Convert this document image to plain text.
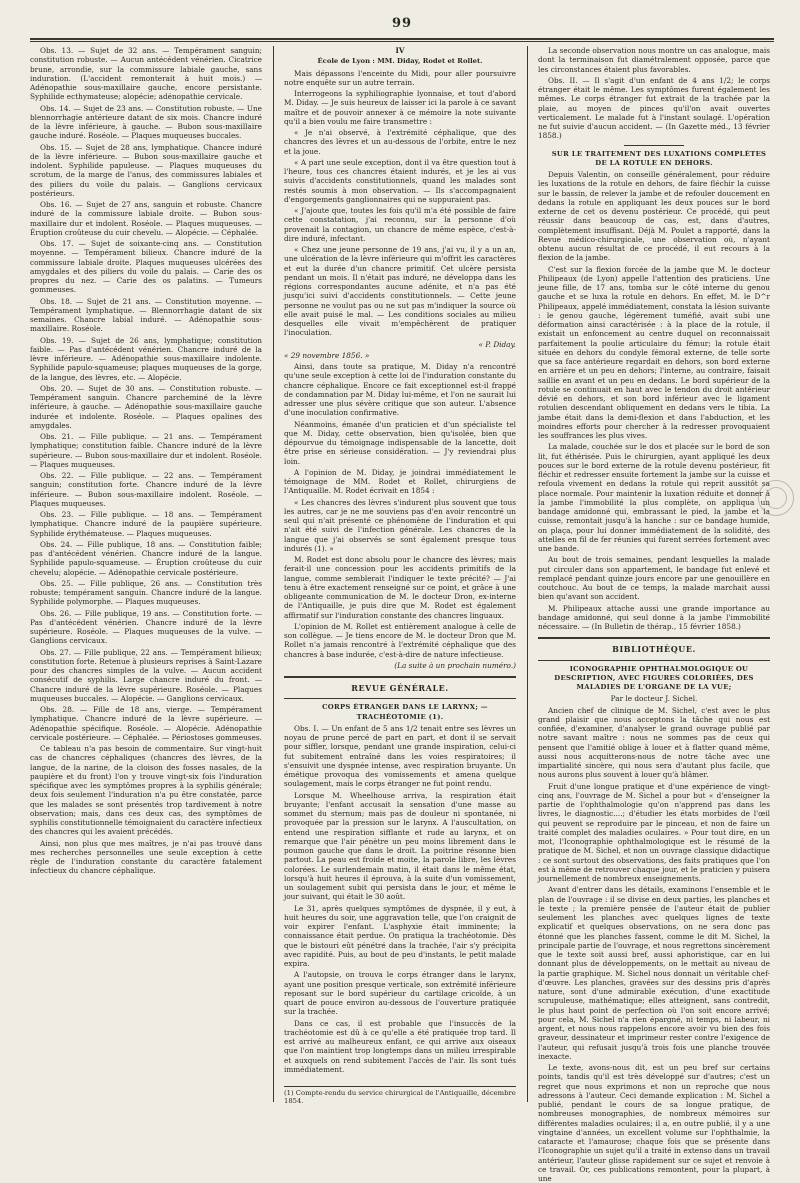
99

Obs. 13. — Sujet de 32 ans. — Tempérament sanguin; constitution robuste. — Aucun antécédent vénérien. Cicatrice brune, arrondie, sur la commissure labiale gauche, sans induration. (L'accident remonterait à huit mois.) — Adénopathie sous-maxillaire gauche, encore persistante. Syphilide ecthymateuse; alopécie; adénopathie cervicale.

Obs. 14. — Sujet de 23 ans. — Constitution robuste. — Une blennorrhagie antérieure datant de six mois. Chancre induré de la lèvre inférieure, à gauche. — Bubon sous-maxillaire gauche induré. Roséole. — Plaques muqueuses buccales.

Obs. 15. — Sujet de 28 ans, lymphatique. Chancre induré de la lèvre inférieure. — Bubon sous-maxillaire gauche et indolent. Syphilide papuleuse. — Plaques muqueuses du scrotum, de la marge de l'anus, des commissures labiales et des piliers du voile du palais. — Ganglions cervicaux postérieurs.

Obs. 16. — Sujet de 27 ans, sanguin et robuste. Chancre induré de la commissure labiale droite. — Bubon sous-maxillaire dur et indolent. Roséole. — Plaques muqueuses. — Éruption croûteuse du cuir chevelu. — Alopécie. — Céphalée.

Obs. 17. — Sujet de soixante-cinq ans. — Constitution moyenne. — Tempérament bilieux. Chancre induré de la commissure labiale droite. Plaques muqueuses ulcérées des amygdales et des piliers du voile du palais. — Carie des os propres du nez. — Carie des os palatins. — Tumeurs gommeuses.

Obs. 18. — Sujet de 21 ans. — Constitution moyenne. — Tempérament lymphatique. — Blennorrhagie datant de six semaines. Chancre labial induré. — Adénopathie sous-maxillaire. Roséole.

Obs. 19. — Sujet de 26 ans, lymphatique; constitution faible. — Pas d'antécédent vénérien. Chancre induré de la lèvre inférieure. — Adénopathie sous-maxillaire indolente. Syphilide papulo-squameuse; plaques muqueuses de la gorge, de la langue, des lèvres, etc. — Alopécie.

Obs. 20. — Sujet de 30 ans. — Constitution robuste. — Tempérament sanguin. Chancre parcheminé de la lèvre inférieure, à gauche. — Adénopathie sous-maxillaire gauche indurée et indolente. Roséole. — Plaques opalines des amygdales.

Obs. 21. — Fille publique. — 21 ans. — Tempérament lymphatique; constitution faible. Chancre induré de la lèvre supérieure. — Bubon sous-maxillaire dur et indolent. Roséole. — Plaques muqueuses.

Obs. 22. — Fille publique. — 22 ans. — Tempérament sanguin; constitution forte. Chancre induré de la lèvre inférieure. — Bubon sous-maxillaire indolent. Roséole. — Plaques muqueuses.

Obs. 23. — Fille publique. — 18 ans. — Tempérament lymphatique. Chancre induré de la paupière supérieure. Syphilide érythémateuse. — Plaques muqueuses.

Obs. 24. — Fille publique, 18 ans. — Constitution faible; pas d'antécédent vénérien. Chancre induré de la langue. Syphilide papulo-squameuse. — Éruption croûteuse du cuir chevelu; alopécie. — Adénopathie cervicale postérieure.

Obs. 25. — Fille publique, 26 ans. — Constitution très robuste; tempérament sanguin. Chancre induré de la langue. Syphilide polymorphe. — Plaques muqueuses.

Obs. 26. — Fille publique, 19 ans. — Constitution forte. — Pas d'antécédent vénérien. Chancre induré de la lèvre supérieure. Roséole. — Plaques muqueuses de la vulve. — Ganglions cervicaux.

Obs. 27. — Fille publique, 22 ans. — Tempérament bilieux; constitution forte. Retenue à plusieurs reprises à Saint-Lazare pour des chancres simples de la vulve. — Aucun accident consécutif de syphilis. Large chancre induré du front. — Chancre induré de la lèvre supérieure. Roséole. — Plaques muqueuses buccales. — Alopécie. — Ganglions cervicaux.

Obs. 28. — Fille de 18 ans, vierge. — Tempérament lymphatique. Chancre induré de la lèvre supérieure. — Adénopathie spécifique. Roséole. — Alopécie. Adénopathie cervicale postérieure. — Céphalée. — Périostoses gommeuses.

Ce tableau n'a pas besoin de commentaire. Sur vingt-huit cas de chancres céphaliques (chancres des lèvres, de la langue, de la narine, de la cloison des fosses nasales, de la paupière et du front) l'on y trouve vingt-six fois l'induration spécifique avec les symptômes propres à la syphilis générale; deux fois seulement l'induration n'a pu être constatée, parce que les malades se sont présentés trop tardivement à notre observation; mais, dans ces deux cas, des symptômes de syphilis constitutionnelle témoignaient du caractère infectieux des chancres qui les avaient précédés.

Ainsi, non plus que mes maîtres, je n'ai pas trouvé dans mes recherches personnelles une seule exception à cette règle de l'induration constante du caractère fatalement infectieux du chancre céphalique.

IV

École de Lyon : MM. Diday, Rodet et Rollet.

Mais dépassons l'enceinte du Midi, pour aller poursuivre notre enquête sur un autre terrain.

Interrogeons la syphiliographie lyonnaise, et tout d'abord M. Diday. — Je suis heureux de laisser ici la parole à ce savant maître et de pouvoir annexer à ce mémoire la note suivante qu'il a bien voulu me faire transmettre :

« Je n'ai observé, à l'extrémité céphalique, que des chancres des lèvres et un au-dessous de l'orbite, entre le nez et la joue.

« A part une seule exception, dont il va être question tout à l'heure, tous ces chancres étaient indurés, et je les ai vus suivis d'accidents constitutionnels, quand les malades sont restés soumis à mon observation. — Ils s'accompagnaient d'engorgements ganglionnaires qui ne suppuraient pas.

« J'ajoute que, toutes les fois qu'il m'a été possible de faire cette constatation, j'ai reconnu, sur la personne d'où provenait la contagion, un chancre de même espèce, c'est-à-dire induré, infectant.

« Chez une jeune personne de 19 ans, j'ai vu, il y a un an, une ulcération de la lèvre inférieure qui m'offrit les caractères et eut la durée d'un chancre primitif. Cet ulcère persista pendant un mois. Il n'était pas induré, ne développa dans les régions correspondantes aucune adénite, et n'a pas été jusqu'ici suivi d'accidents constitutionnels. — Cette jeune personne ne voulut pas ou ne sut pas m'indiquer la source où elle avait puisé le mal. — Les conditions sociales au milieu desquelles elle vivait m'empêchèrent de pratiquer l'inoculation.

« P. Diday.

« 29 novembre 1856. »

Ainsi, dans toute sa pratique, M. Diday n'a rencontré qu'une seule exception à cette loi de l'induration constante du chancre céphalique. Encore ce fait exceptionnel est-il frappé de condamnation par M. Diday lui-même, et l'on ne saurait lui adresser une plus sévère critique que son auteur. L'absence d'une inoculation confirmative.

Néanmoins, émanée d'un praticien et d'un spécialiste tel que M. Diday, cette observation, bien qu'isolée, bien que dépourvue du témoignage indispensable de la lancette, doit être prise en sérieuse considération. — J'y reviendrai plus loin.

A l'opinion de M. Diday, je joindrai immédiatement le témoignage de MM. Rodet et Rollet, chirurgiens de l'Antiquaille. M. Rodet écrivait en 1854 :

« Les chancres des lèvres s'indurent plus souvent que tous les autres, car je ne me souviens pas d'en avoir rencontré un seul qui n'ait présenté ce phénomène de l'induration et qui n'ait été suivi de l'infection générale. Les chancres de la langue que j'ai observés se sont également presque tous indurés (1). »

M. Rodet est donc absolu pour le chancre des lèvres; mais ferait-il une concession pour les accidents primitifs de la langue, comme semblerait l'indiquer le texte précité? — J'ai tenu à être exactement renseigné sur ce point, et grâce à une obligeante communication de M. le docteur Dron, ex-interne de l'Antiquaille, je puis dire que M. Rodet est également affirmatif sur l'induration constante des chancres linguaux.

L'opinion de M. Rollet est entièrement analogue à celle de son collègue. — Je tiens encore de M. le docteur Dron que M. Rollet n'a jamais rencontré à l'extrémité céphalique que des chancres à base indurée, c'est-à-dire de nature infectieuse.

(La suite à un prochain numéro.)

REVUE GÉNÉRALE.

CORPS ÉTRANGER DANS LE LARYNX; — TRACHÉOTOMIE (1).

Obs. I. — Un enfant de 5 ans 1/2 tenait entre ses lèvres un noyau de prune percé de part en part, et dont il se servait pour siffler, lorsque, pendant une grande inspiration, celui-ci fut subitement entraîné dans les voies respiratoires; il s'ensuivit une dyspnée intense, avec respiration bruyante. Un émétique provoqua des vomissements et amena quelque soulagement, mais le corps étranger ne fut point rendu.

Lorsque M. Wheelhouse arriva, la respiration était bruyante; l'enfant accusait la sensation d'une masse au sommet du sternum; mais pas de douleur ni spontanée, ni provoquée par la pression sur le larynx. A l'auscultation, on entend une respiration sifflante et rude au larynx, et on remarque que l'air pénètre un peu moins librement dans le poumon gauche que dans le droit. La poitrine résonne bien partout. La peau est froide et moite, la parole libre, les lèvres colorées. Le surlendemain matin, il était dans le même état, lorsqu'à huit heures il éprouva, à la suite d'un vomissement, un soulagement subit qui persista dans le jour, et même le jour suivant, qui était le 30 août.

Le 31, après quelques symptômes de dyspnée, il y eut, à huit heures du soir, une aggravation telle, que l'on craignit de voir expirer l'enfant. L'asphyxie était imminente; la connaissance était perdue. On pratiqua la trachéotomie. Dès que le bistouri eût pénétré dans la trachée, l'air s'y précipita avec rapidité. Puis, au bout de peu d'instants, le petit malade expira.

A l'autopsie, on trouva le corps étranger dans le larynx, ayant une position presque verticale, son extrémité inférieure reposant sur le bord supérieur du cartilage cricoïde, à un quart de pouce environ au-dessous de l'ouverture pratiquée sur la trachée.

Dans ce cas, il est probable que l'insuccès de la trachéotomie est dû à ce qu'elle a été pratiquée trop tard. Il est arrivé au malheureux enfant, ce qui arrive aux oiseaux que l'on maintient trop longtemps dans un milieu irrespirable et auxquels on rend subitement l'accès de l'air. Ils sont tués immédiatement.

(1) Compte-rendu du service chirurgical de l'Antiquaille, décembre 1854.

La seconde observation nous montre un cas analogue, mais dont la terminaison fut diamétralement opposée, parce que les circonstances étaient plus favorables.

Obs. II. — Il s'agit d'un enfant de 4 ans 1/2; le corps étranger était le même. Les symptômes furent également les mêmes. Le corps étranger fut extrait de la trachée par la plaie, au moyen de pinces qu'il'on avait ouvertes verticalement. Le malade fut à l'instant soulagé. L'opération ne fut suivie d'aucun accident. — (In Gazette méd., 13 février 1858.)

SUR LE TRAITEMENT DES LUXATIONS COMPLÈTES DE LA ROTULE EN DEHORS.

Depuis Valentin, on conseille généralement, pour réduire les luxations de la rotule en dehors, de faire fléchir la cuisse sur le bassin, de relever la jambe et de refouler doucement en dedans la rotule en appliquant les deux pouces sur le bord externe de cet os devenu postérieur. Ce procédé, qui peut réussir dans beaucoup de cas, est, dans d'autres, complètement insuffisant. Déjà M. Poulet a rapporté, dans la Revue médico-chirurgicale, une observation où, n'ayant obtenu aucun résultat de ce procédé, il eut recours à la flexion de la jambe.

C'est sur la flexion forcée de la jambe que M. le docteur Philipeaux (de Lyon) appelle l'attention des praticiens. Une jeune fille, de 17 ans, tomba sur le côté interne du genou gauche et se luxa la rotule en dehors. En effet, M. le D^r Philipeaux, appelé immédiatement, constata la lésion suivante : le genou gauche, légèrement tuméfié, avait subi une déformation ainsi caractérisée : à la place de la rotule, il existait un enfoncement au centre duquel on reconnaissait parfaitement la poulie articulaire du fémur; la rotule était située en dehors du condyle fémoral externe, de telle sorte que sa face antérieure regardait en dehors, son bord externe en arrière et un peu en dehors; l'interne, au contraire, faisait saillie en avant et un peu en dedans. Le bord supérieur de la rotule se continuait en haut avec le tendon du droit antérieur dévié en dehors, et son bord inférieur avec le ligament rotulien descendant obliquement en dedans vers le tibia. La jambe était dans la demi-flexion et dans l'abduction, et les moindres efforts pour chercher à la redresser provoquaient les souffrances les plus vives.

La malade, couchée sur le dos et placée sur le bord de son lit, fut éthérisée. Puis le chirurgien, ayant appliqué les deux pouces sur le bord externe de la rotule devenu postérieur, fit fléchir et redresser ensuite fortement la jambe sur la cuisse et refoula vivement en dedans la rotule qui reprit aussitôt sa place normale. Pour maintenir la luxation réduite et donner à la jambe l'immobilité la plus complète, on appliqua un bandage amidonné qui, embrassant le pied, la jambe et la cuisse, remontait jusqu'à la hanche : sur ce bandage humide, on plaça, pour lui donner immédiatement de la solidité, des attelles en fil de fer réunies qui furent serrées fortement avec une bande.

Au bout de trois semaines, pendant lesquelles la malade put circuler dans son appartement, le bandage fut enlevé et remplacé pendant quinze jours encore par une genouillère en coutchouc. Au bout de ce temps, la malade marchait aussi bien qu'avant son accident.

M. Philipeaux attache aussi une grande importance au bandage amidonné, qui seul donne à la jambe l'immobilité nécessaire. — (In Bulletin de thérap., 15 février 1858.)

BIBLIOTHÈQUE.

ICONOGRAPHIE OPHTHALMOLOGIQUE OU DESCRIPTION, AVEC FIGURES COLORIÉES, DES MALADIES DE L'ORGANE DE LA VUE;

Par le docteur J. Sichel.

Ancien chef de clinique de M. Sichel, c'est avec le plus grand plaisir que nous acceptons la tâche qui nous est confiée, d'examiner, d'analyser le grand ouvrage publié par notre savant maître : nous ne sommes pas de ceux qui pensent que l'amitié oblige à louer et à flatter quand même, aussi nous acquitterons-nous de notre tâche avec une impartialité sincère, qui nous sera d'autant plus facile, que nous aurons plus souvent à louer qu'à blâmer.

Fruit d'une longue pratique et d'une expérience de vingt-cinq ans, l'ouvrage de M. Sichel a pour but « d'enseigner la partie de l'ophthalmologie qu'on n'apprend pas dans les livres, le diagnostic....; d'étudier les états morbides de l'œil qui peuvent se reproduire par le pinceau, et non de faire un traité complet des maladies oculaires. » Pour tout dire, en un mot, l'Iconographie ophthalmologique est le résumé de la pratique de M. Sichel, et non un ouvrage classique didactique : ce sont surtout des observations, des faits pratiques que l'on est à même de retrouver chaque jour, et le praticien y puisera journellement de nombreux enseignements.

Avant d'entrer dans les détails, examinons l'ensemble et le plan de l'ouvrage : il se divise en deux parties, les planches et le texte ; la première pensée de l'auteur était de publier seulement les planches avec quelques lignes de texte explicatif et quelques observations, on ne sera donc pas étonné que les planches fassent, comme le dit M. Sichel, la principale partie de l'ouvrage, et nous regrettons sincèrement que le texte soit aussi bref, aussi aphoristique, car en lui donnant plus de développements, on le mettait au niveau de la partie graphique. M. Sichel nous donnait un véritable chef-d'œuvre. Les planches, gravées sur des dessins pris d'après nature, sont d'une admirable exécution, d'une exactitude scrupuleuse, mathématique; elles atteignent, sans contredit, le plus haut point de perfection où l'on soit encore arrivé; pour cela, M. Sichel n'a rien épargné, ni temps, ni labeur, ni argent, et nous nous rappelons encore avoir vu bien des fois graveur, dessinateur et imprimeur rester contre l'exigence de l'auteur, qui refusait jusqu'à trois fois une planche trouvée inexacte.

Le texte, avons-nous dit, est un peu bref sur certains points, tandis qu'il est très développé sur d'autres; c'est un regret que nous exprimons et non un reproche que nous adressons à l'auteur. Ceci demande explication : M. Sichel a publié, pendant le cours de sa longue pratique, de nombreuses monographies, de nombreux mémoires sur différentes maladies oculaires; il a, en outre publié, il y a une vingtaine d'années, un excellent volume sur l'ophthalmie, la cataracte et l'amaurose; chaque fois que se présente dans l'Iconographie un sujet qu'il a traité in extenso dans un travail antérieur, l'auteur glisse rapidement sur ce sujet et renvoie à ce travail. Or, ces publications remontent, pour la plupart, à une
